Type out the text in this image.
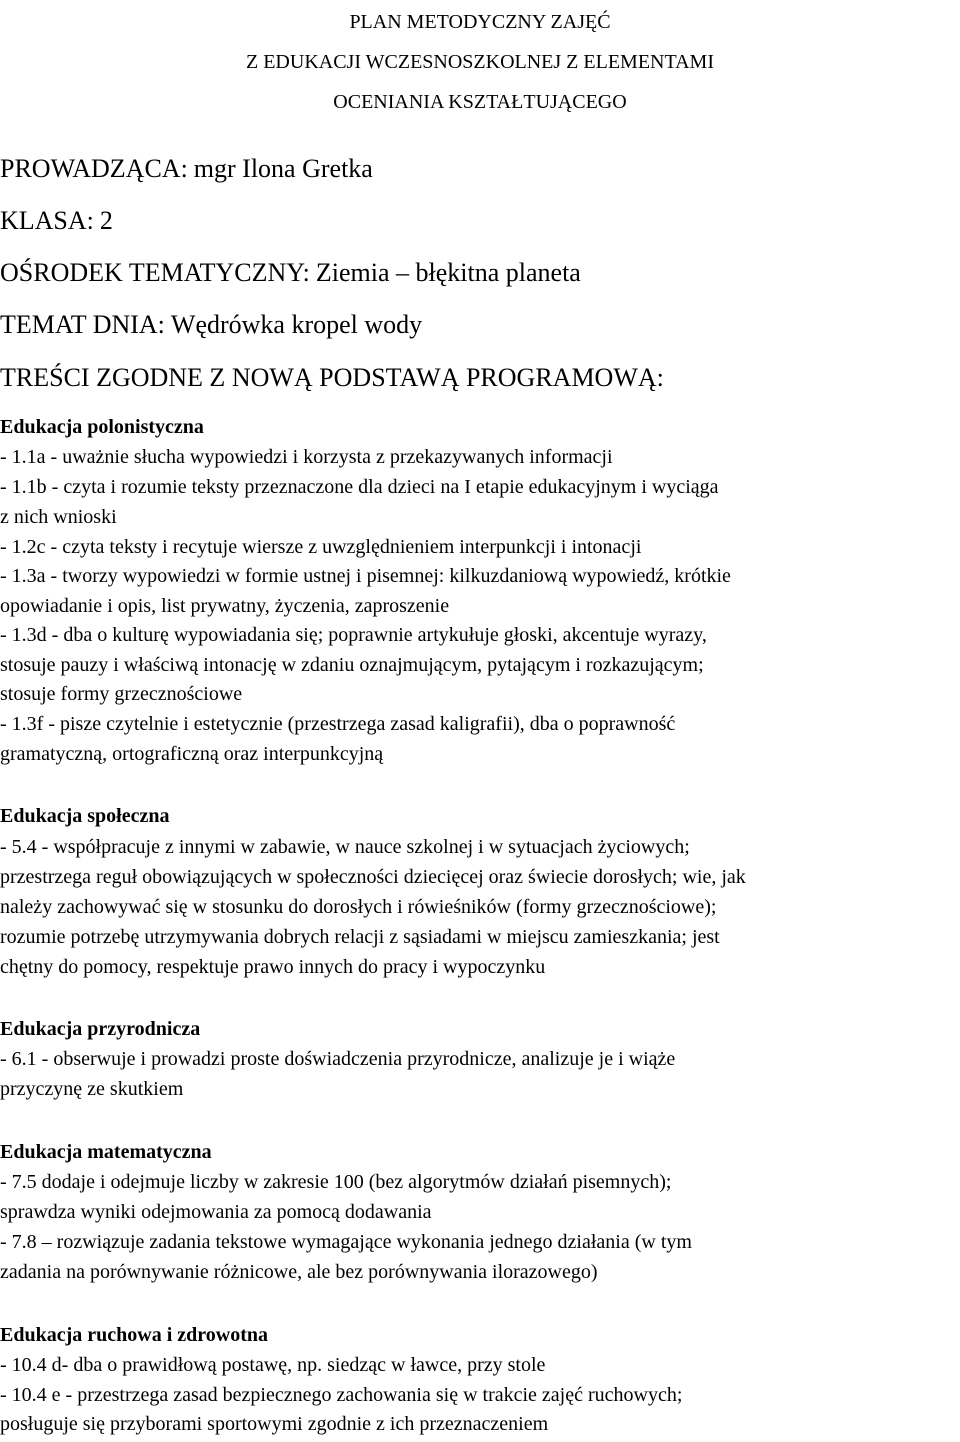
PLAN METODYCZNY ZAJĘĆ
Z EDUKACJI WCZESNOSZKOLNEJ Z ELEMENTAMI
OCENIANIA KSZTAŁTUJĄCEGO
PROWADZĄCA: mgr Ilona Gretka
KLASA: 2
OŚRODEK TEMATYCZNY: Ziemia – błękitna planeta
TEMAT DNIA: Wędrówka kropel wody
TREŚCI ZGODNE Z NOWĄ PODSTAWĄ PROGRAMOWĄ:
Edukacja polonistyczna
- 1.1a - uważnie słucha wypowiedzi i korzysta z przekazywanych informacji
- 1.1b - czyta i rozumie teksty przeznaczone dla dzieci na I etapie edukacyjnym i wyciąga
z nich wnioski
- 1.2c - czyta teksty i recytuje wiersze z uwzględnieniem interpunkcji i intonacji
- 1.3a - tworzy wypowiedzi w formie ustnej i pisemnej: kilkuzdaniową wypowiedź, krótkie
opowiadanie i opis, list prywatny, życzenia, zaproszenie
- 1.3d - dba o kulturę wypowiadania się; poprawnie artykułuje głoski, akcentuje wyrazy,
stosuje pauzy i właściwą intonację w zdaniu oznajmującym, pytającym i rozkazującym;
stosuje formy grzecznościowe
- 1.3f - pisze czytelnie i estetycznie (przestrzega zasad kaligrafii), dba o poprawność
gramatyczną, ortograficzną oraz interpunkcyjną
Edukacja społeczna
- 5.4 - współpracuje z innymi w zabawie, w nauce szkolnej i w sytuacjach życiowych;
przestrzega reguł obowiązujących w społeczności dziecięcej oraz świecie dorosłych; wie, jak
należy zachowywać się w stosunku do dorosłych i rówieśników (formy grzecznościowe);
rozumie potrzebę utrzymywania dobrych relacji z sąsiadami w miejscu zamieszkania; jest
chętny do pomocy, respektuje prawo innych do pracy i wypoczynku
Edukacja przyrodnicza
- 6.1 - obserwuje i prowadzi proste doświadczenia przyrodnicze, analizuje je i wiąże
przyczynę ze skutkiem
Edukacja matematyczna
- 7.5 dodaje i odejmuje liczby w zakresie 100 (bez algorytmów działań pisemnych);
sprawdza wyniki odejmowania za pomocą dodawania
- 7.8 – rozwiązuje zadania tekstowe wymagające wykonania jednego działania (w tym
zadania na porównywanie różnicowe, ale bez porównywania ilorazowego)
Edukacja ruchowa i zdrowotna
- 10.4 d- dba o prawidłową postawę, np. siedząc w ławce, przy stole
- 10.4 e - przestrzega zasad bezpiecznego zachowania się w trakcie zajęć ruchowych;
posługuje się przyborami sportowymi zgodnie z ich przeznaczeniem
